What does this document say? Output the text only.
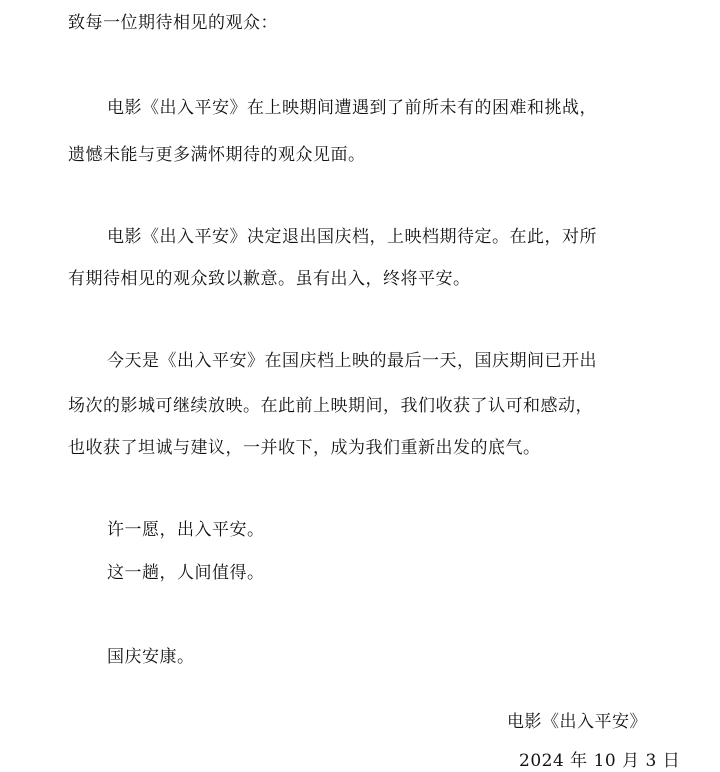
致每一位期待相见的观众：
电影《出入平安》在上映期间遭遇到了前所未有的困难和挑战，
遗憾未能与更多满怀期待的观众见面。
电影《出入平安》决定退出国庆档，上映档期待定。在此，对所
有期待相见的观众致以歉意。虽有出入，终将平安。
今天是《出入平安》在国庆档上映的最后一天，国庆期间已开出
场次的影城可继续放映。在此前上映期间，我们收获了认可和感动，
也收获了坦诚与建议，一并收下，成为我们重新出发的底气。
许一愿，出入平安。
这一趟，人间值得。
国庆安康。
电影《出入平安》
2024 年 10 月 3 日
